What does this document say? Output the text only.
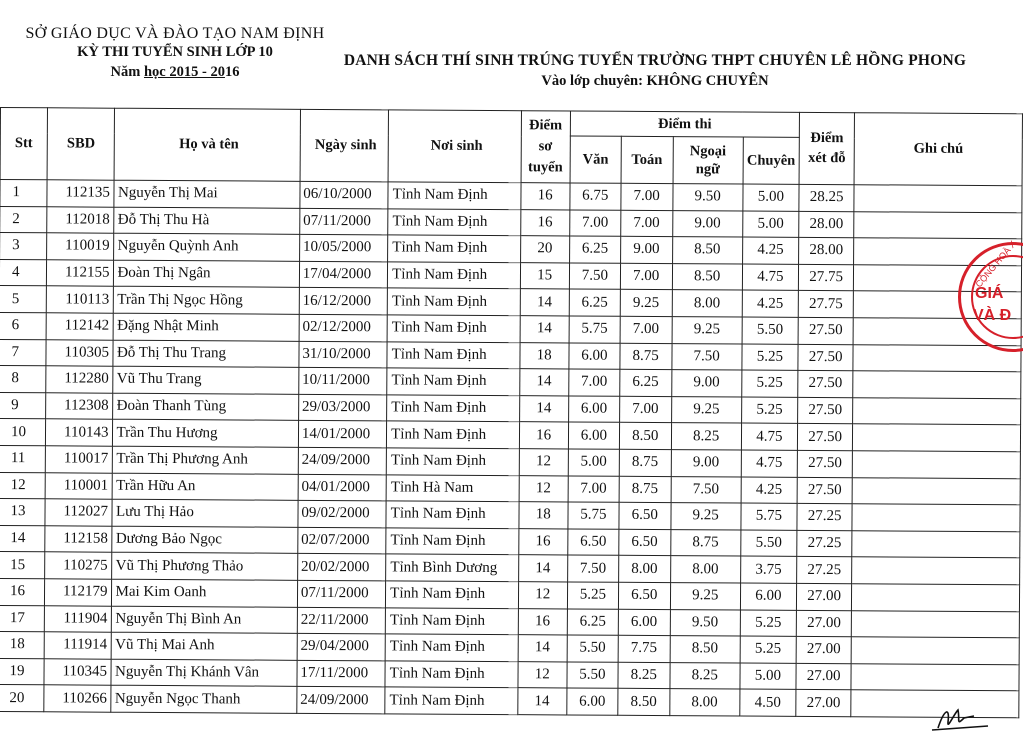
SỞ GIÁO DỤC VÀ ĐÀO TẠO NAM ĐỊNH
KỲ THI TUYỂN SINH LỚP 10
Năm học 2015 - 2016
DANH SÁCH THÍ SINH TRÚNG TUYỂN TRƯỜNG THPT CHUYÊN LÊ HỒNG PHONG
Vào lớp chuyên: KHÔNG CHUYÊN
Stt	SBD	Họ và tên	Ngày sinh	Nơi sinh	Điểm sơ tuyển	Điểm thi				Điểm xét đỗ	Ghi chú
						Văn	Toán	Ngoại ngữ	Chuyên		
1	112135	Nguyễn Thị Mai	06/10/2000	Tỉnh Nam Định	16	6.75	7.00	9.50	5.00	28.25	
2	112018	Đỗ Thị Thu Hà	07/11/2000	Tỉnh Nam Định	16	7.00	7.00	9.00	5.00	28.00	
3	110019	Nguyễn Quỳnh Anh	10/05/2000	Tỉnh Nam Định	20	6.25	9.00	8.50	4.25	28.00	
4	112155	Đoàn Thị Ngân	17/04/2000	Tỉnh Nam Định	15	7.50	7.00	8.50	4.75	27.75	
5	110113	Trần Thị Ngọc Hồng	16/12/2000	Tỉnh Nam Định	14	6.25	9.25	8.00	4.25	27.75	
6	112142	Đặng Nhật Minh	02/12/2000	Tỉnh Nam Định	14	5.75	7.00	9.25	5.50	27.50	
7	110305	Đỗ Thị Thu Trang	31/10/2000	Tỉnh Nam Định	18	6.00	8.75	7.50	5.25	27.50	
8	112280	Vũ Thu Trang	10/11/2000	Tỉnh Nam Định	14	7.00	6.25	9.00	5.25	27.50	
9	112308	Đoàn Thanh Tùng	29/03/2000	Tỉnh Nam Định	14	6.00	7.00	9.25	5.25	27.50	
10	110143	Trần Thu Hương	14/01/2000	Tỉnh Nam Định	16	6.00	8.50	8.25	4.75	27.50	
11	110017	Trần Thị Phương Anh	24/09/2000	Tỉnh Nam Định	12	5.00	8.75	9.00	4.75	27.50	
12	110001	Trần Hữu An	04/01/2000	Tỉnh Hà Nam	12	7.00	8.75	7.50	4.25	27.50	
13	112027	Lưu Thị Hảo	09/02/2000	Tỉnh Nam Định	18	5.75	6.50	9.25	5.75	27.25	
14	112158	Dương Bảo Ngọc	02/07/2000	Tỉnh Nam Định	16	6.50	6.50	8.75	5.50	27.25	
15	110275	Vũ Thị Phương Thảo	20/02/2000	Tỉnh Bình Dương	14	7.50	8.00	8.00	3.75	27.25	
16	112179	Mai Kim Oanh	07/11/2000	Tỉnh Nam Định	12	5.25	6.50	9.25	6.00	27.00	
17	111904	Nguyễn Thị Bình An	22/11/2000	Tỉnh Nam Định	16	6.25	6.00	9.50	5.25	27.00	
18	111914	Vũ Thị Mai Anh	29/04/2000	Tỉnh Nam Định	14	5.50	7.75	8.50	5.25	27.00	
19	110345	Nguyễn Thị Khánh Vân	17/11/2000	Tỉnh Nam Định	12	5.50	8.25	8.25	5.00	27.00	
20	110266	Nguyễn Ngọc Thanh	24/09/2000	Tỉnh Nam Định	14	6.00	8.50	8.00	4.50	27.00	
CỘNG HOÀ X
GIÁ
VÀ Đ
